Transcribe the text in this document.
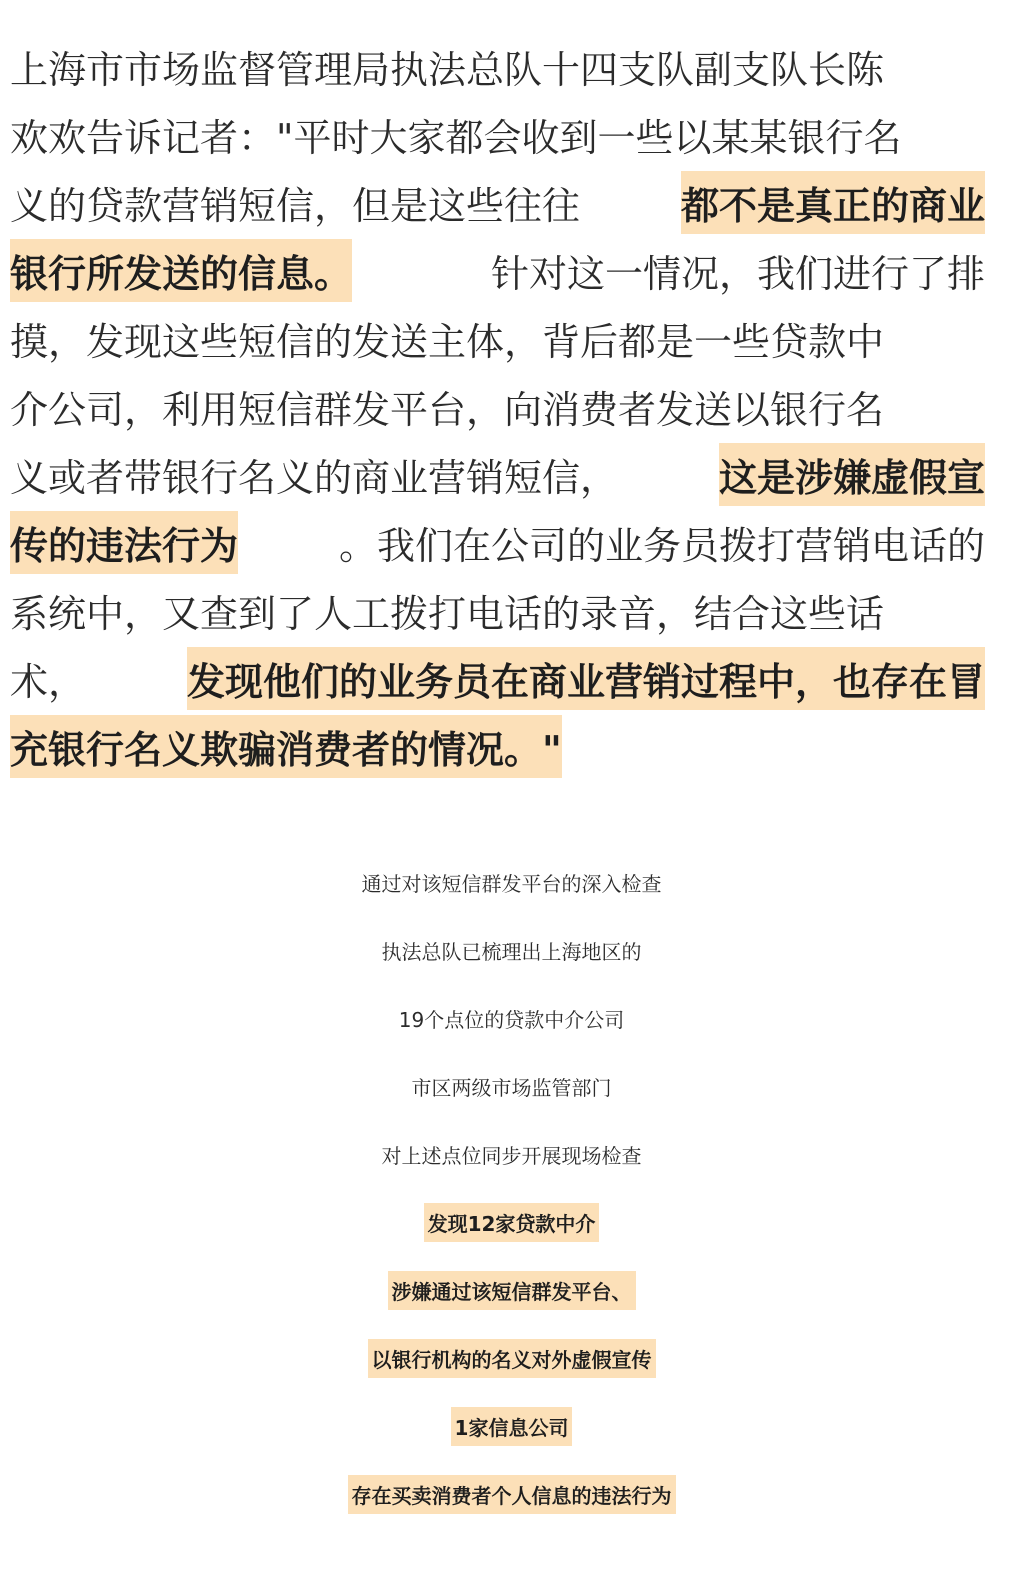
上海市市场监督管理局执法总队十四支队副支队长陈
欢欢告诉记者："平时大家都会收到一些以某某银行名
义的贷款营销短信，但是这些往往	都不是真正的商业
银行所发送的信息。	针对这一情况，我们进行了排
摸，发现这些短信的发送主体，背后都是一些贷款中
介公司，利用短信群发平台，向消费者发送以银行名
义或者带银行名义的商业营销短信，	这是涉嫌虚假宣
传的违法行为	。我们在公司的业务员拨打营销电话的
系统中，又查到了人工拨打电话的录音，结合这些话
术，	发现他们的业务员在商业营销过程中，也存在冒
充银行名义欺骗消费者的情况。"
通过对该短信群发平台的深入检查
执法总队已梳理出上海地区的
19个点位的贷款中介公司
市区两级市场监管部门
对上述点位同步开展现场检查
发现12家贷款中介
涉嫌通过该短信群发平台、
以银行机构的名义对外虚假宣传
1家信息公司
存在买卖消费者个人信息的违法行为
